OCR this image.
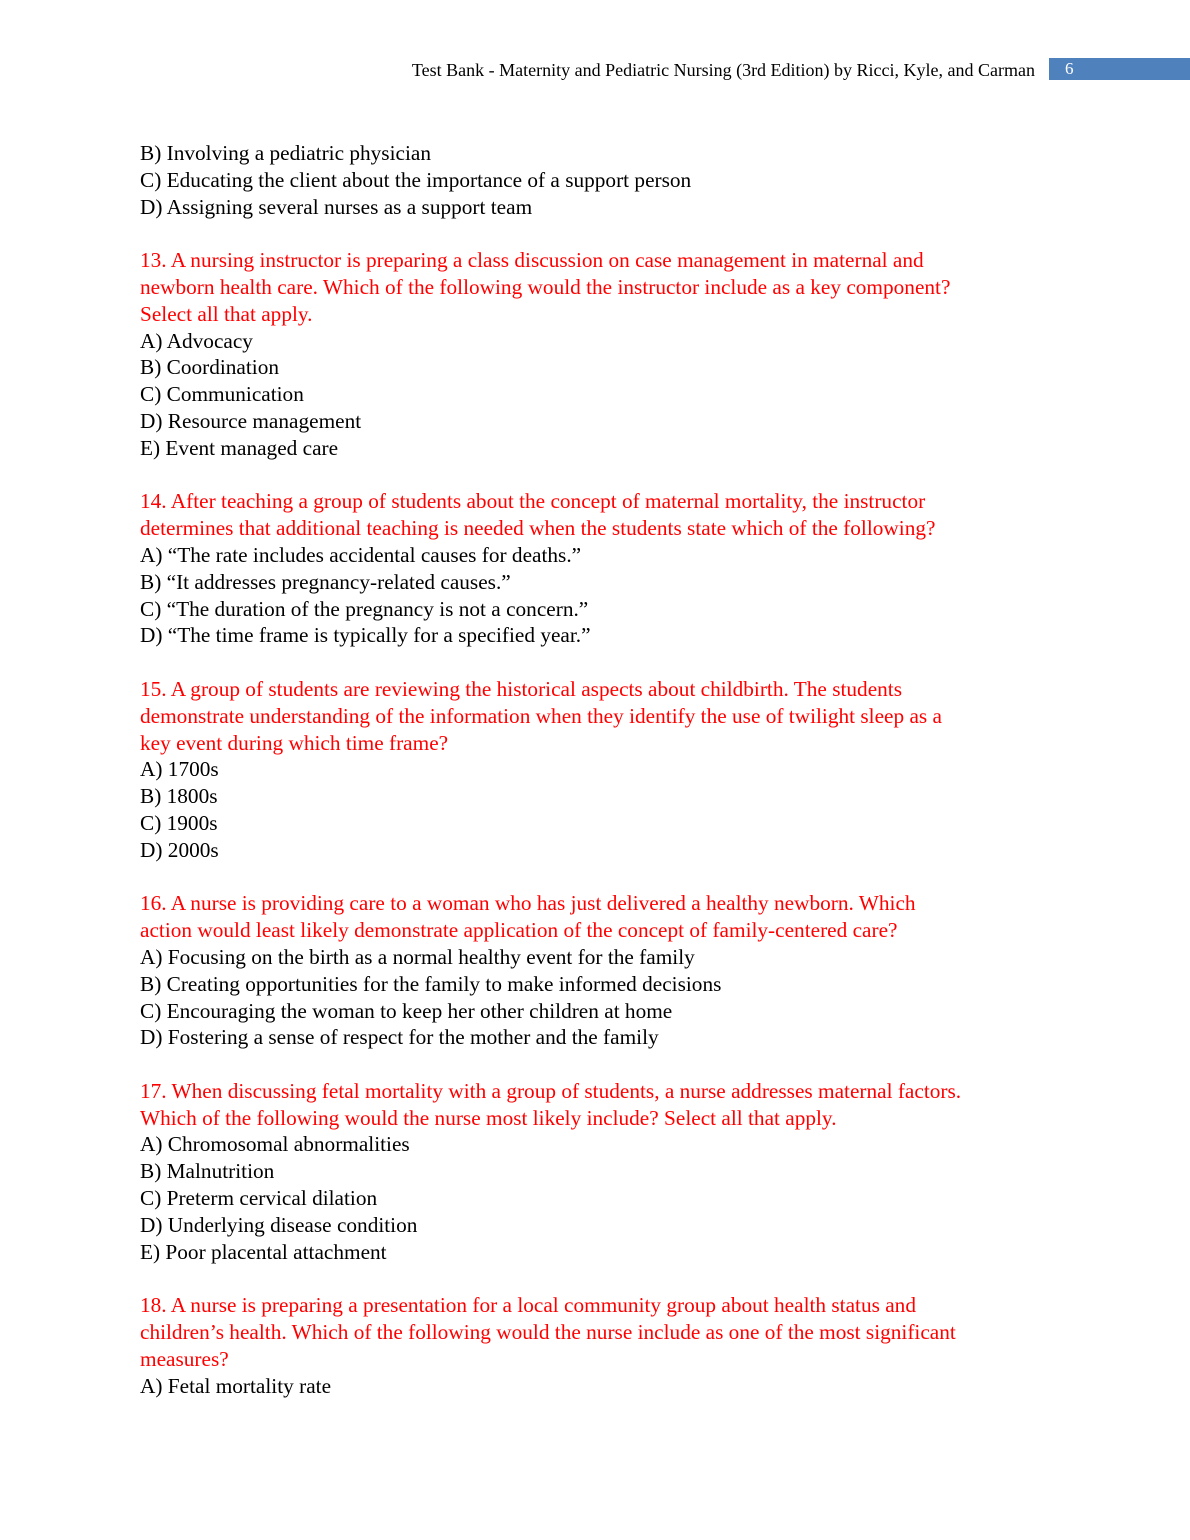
Test Bank - Maternity and Pediatric Nursing (3rd Edition) by Ricci, Kyle, and Carman	6
B) Involving a pediatric physician
C) Educating the client about the importance of a support person
D) Assigning several nurses as a support team
13. A nursing instructor is preparing a class discussion on case management in maternal and
newborn health care. Which of the following would the instructor include as a key component?
Select all that apply.
A) Advocacy
B) Coordination
C) Communication
D) Resource management
E) Event managed care
14. After teaching a group of students about the concept of maternal mortality, the instructor
determines that additional teaching is needed when the students state which of the following?
A) “The rate includes accidental causes for deaths.”
B) “It addresses pregnancy-related causes.”
C) “The duration of the pregnancy is not a concern.”
D) “The time frame is typically for a specified year.”
15. A group of students are reviewing the historical aspects about childbirth. The students
demonstrate understanding of the information when they identify the use of twilight sleep as a
key event during which time frame?
A) 1700s
B) 1800s
C) 1900s
D) 2000s
16. A nurse is providing care to a woman who has just delivered a healthy newborn. Which
action would least likely demonstrate application of the concept of family-centered care?
A) Focusing on the birth as a normal healthy event for the family
B) Creating opportunities for the family to make informed decisions
C) Encouraging the woman to keep her other children at home
D) Fostering a sense of respect for the mother and the family
17. When discussing fetal mortality with a group of students, a nurse addresses maternal factors.
Which of the following would the nurse most likely include? Select all that apply.
A) Chromosomal abnormalities
B) Malnutrition
C) Preterm cervical dilation
D) Underlying disease condition
E) Poor placental attachment
18. A nurse is preparing a presentation for a local community group about health status and
children’s health. Which of the following would the nurse include as one of the most significant
measures?
A) Fetal mortality rate
